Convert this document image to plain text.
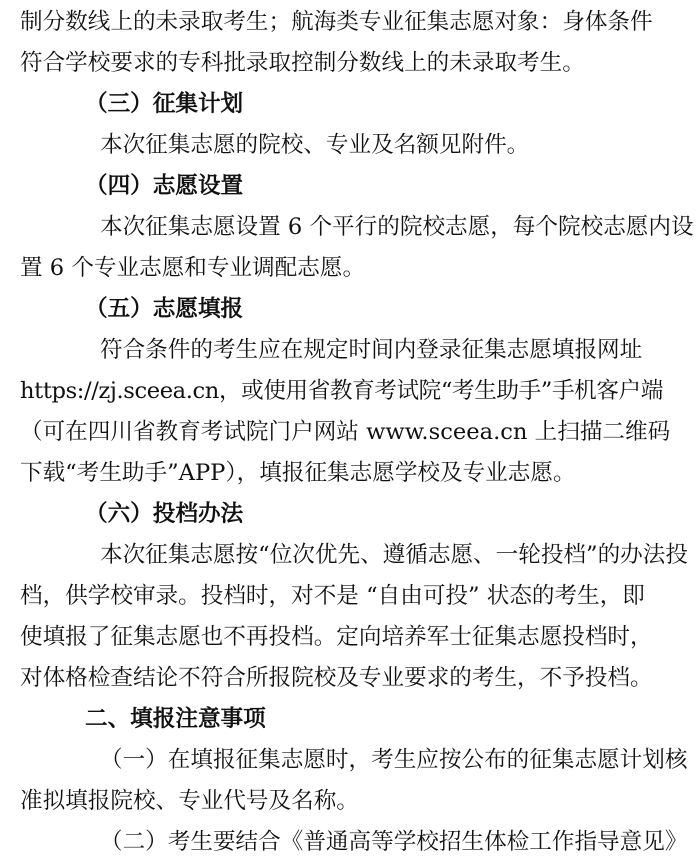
制分数线上的未录取考生；航海类专业征集志愿对象：身体条件
符合学校要求的专科批录取控制分数线上的未录取考生。
（三）征集计划
本次征集志愿的院校、专业及名额见附件。
（四）志愿设置
本次征集志愿设置 6 个平行的院校志愿，每个院校志愿内设
置 6 个专业志愿和专业调配志愿。
（五）志愿填报
符合条件的考生应在规定时间内登录征集志愿填报网址
https://zj.sceea.cn，或使用省教育考试院“考生助手”手机客户端
（可在四川省教育考试院门户网站 www.sceea.cn 上扫描二维码
下载“考生助手”APP），填报征集志愿学校及专业志愿。
（六）投档办法
本次征集志愿按“位次优先、遵循志愿、一轮投档”的办法投
档，供学校审录。投档时，对不是 “自由可投” 状态的考生，即
使填报了征集志愿也不再投档。定向培养军士征集志愿投档时，
对体格检查结论不符合所报院校及专业要求的考生，不予投档。
二、填报注意事项
（一）在填报征集志愿时，考生应按公布的征集志愿计划核
准拟填报院校、专业代号及名称。
（二）考生要结合《普通高等学校招生体检工作指导意见》
